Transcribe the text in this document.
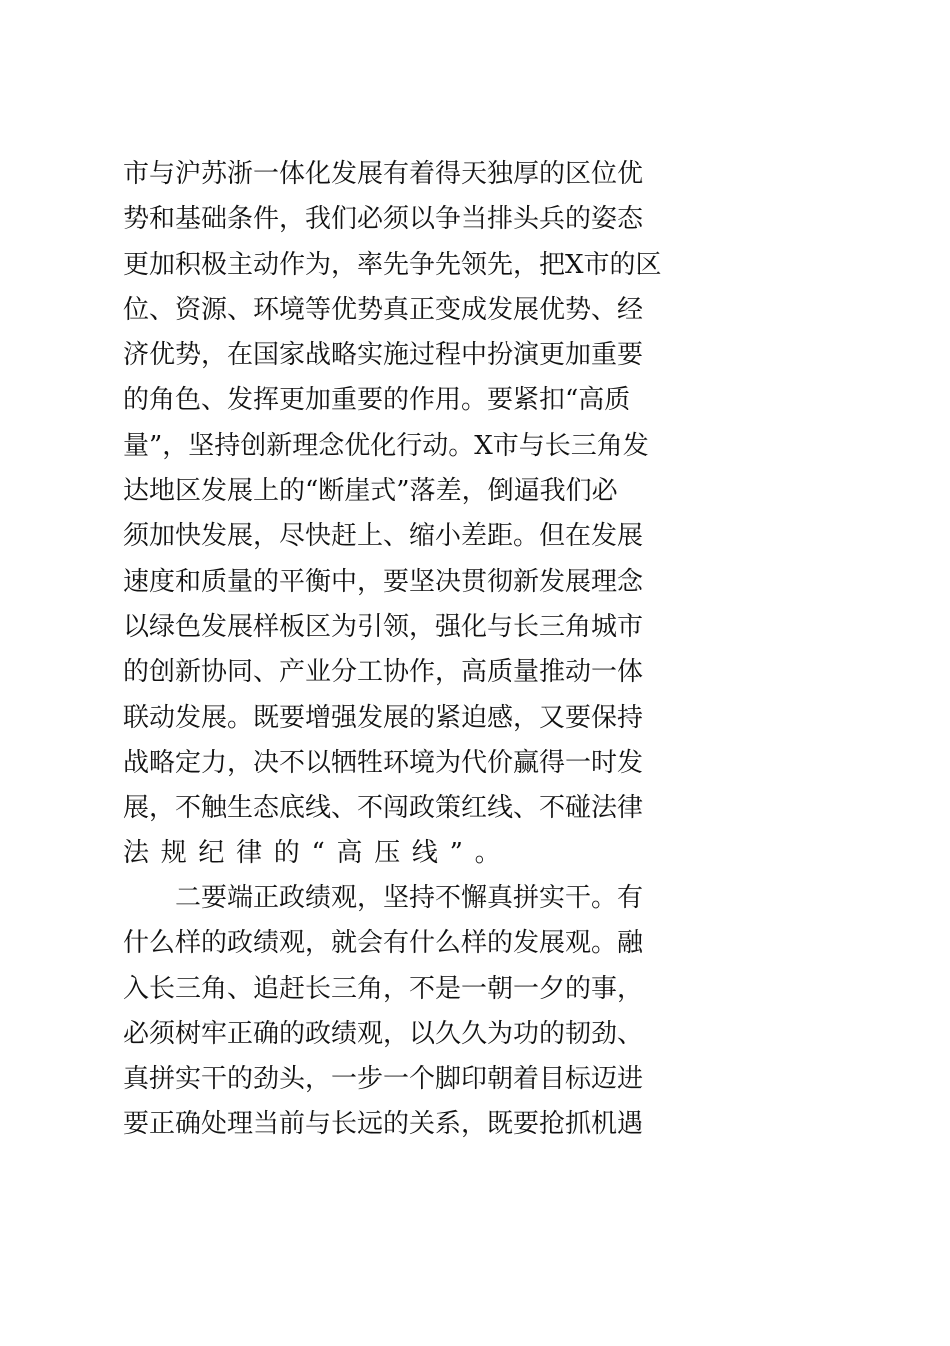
市与沪苏浙一体化发展有着得天独厚的区位优
势和基础条件，我们必须以争当排头兵的姿态
更加积极主动作为，率先争先领先，把X市的区
位、资源、环境等优势真正变成发展优势、经
济优势，在国家战略实施过程中扮演更加重要
的角色、发挥更加重要的作用。要紧扣“高质
量”，坚持创新理念优化行动。X市与长三角发
达地区发展上的“断崖式”落差，倒逼我们必
须加快发展，尽快赶上、缩小差距。但在发展
速度和质量的平衡中，要坚决贯彻新发展理念
以绿色发展样板区为引领，强化与长三角城市
的创新协同、产业分工协作，高质量推动一体
联动发展。既要增强发展的紧迫感，又要保持
战略定力，决不以牺牲环境为代价赢得一时发
展，不触生态底线、不闯政策红线、不碰法律
法规纪律的“高压线”。
　　二要端正政绩观，坚持不懈真拼实干。有
什么样的政绩观，就会有什么样的发展观。融
入长三角、追赶长三角，不是一朝一夕的事，
必须树牢正确的政绩观，以久久为功的韧劲、
真拼实干的劲头，一步一个脚印朝着目标迈进
要正确处理当前与长远的关系，既要抢抓机遇
